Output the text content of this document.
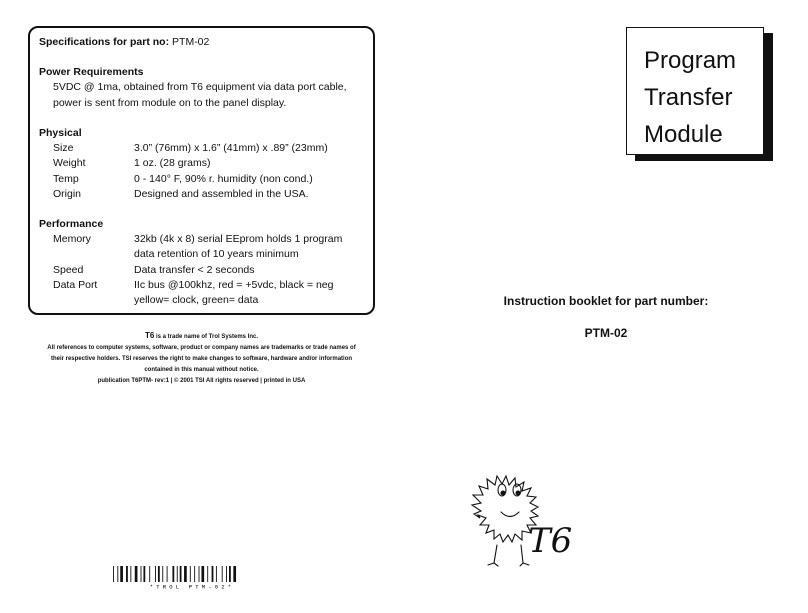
Specifications for part no: PTM-02
Power Requirements
5VDC @ 1ma, obtained from T6 equipment via data port cable, power is sent from module on to the panel display.
Physical
Size	3.0” (76mm) x 1.6” (41mm) x .89” (23mm)
Weight	1 oz. (28 grams)
Temp	0 - 140° F, 90% r. humidity (non cond.)
Origin	Designed and assembled in the USA.
Performance
Memory	32kb (4k x 8) serial EEprom holds 1 program
data retention of 10 years minimum
Speed	Data transfer < 2 seconds
Data Port	IIc bus @100khz, red = +5vdc, black = neg
yellow= clock, green= data
T6 is a trade name of Trol Systems Inc.
All references to computer systems, software, product or company names are trademarks or trade names of
their respective holders. TSI reserves the right to make changes to software, hardware and/or information
contained in this manual without notice.
publication T6PTM- rev:1 | © 2001 TSI All rights reserved | printed in USA
*TROL PTM-02*
Program
Transfer
Module
Instruction booklet for part number:
PTM-02
T6
